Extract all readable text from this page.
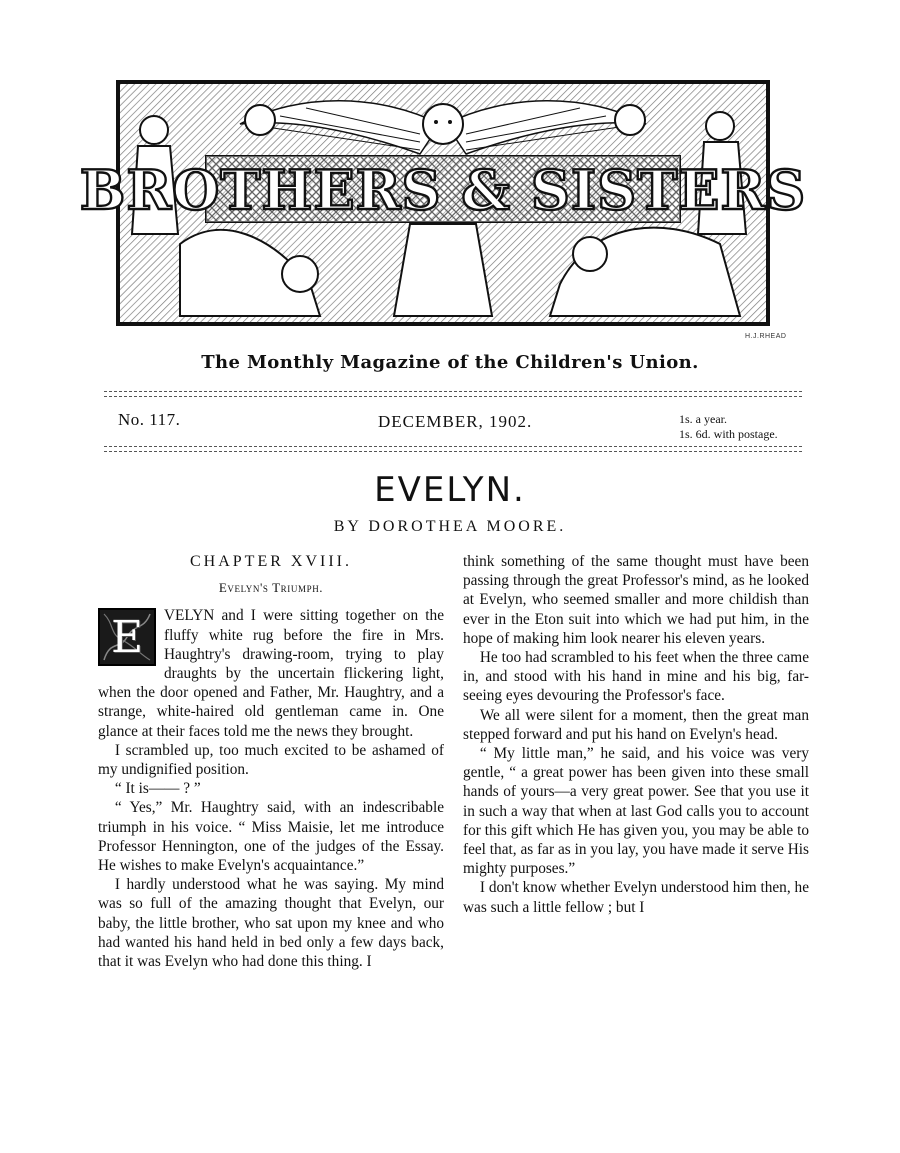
BROTHERS & SISTERS
H.J.RHEAD
The Monthly Magazine of the Children's Union.
No. 117.	DECEMBER, 1902.	1s. a year.
1s. 6d. with postage.
EVELYN.
BY DOROTHEA MOORE.
CHAPTER XVIII.
Evelyn's Triumph.
E	VELYN and I were sitting together on the fluffy white rug before the fire in Mrs. Haughtry's drawing-room, trying to play draughts by the uncertain flickering light, when the door opened and Father, Mr. Haughtry, and a strange, white-haired old gentleman came in. One glance at their faces told me the news they brought.

I scrambled up, too much excited to be ashamed of my undignified position.

“ It is—— ? ”

“ Yes,” Mr. Haughtry said, with an indescribable triumph in his voice. “ Miss Maisie, let me introduce Professor Hennington, one of the judges of the Essay. He wishes to make Evelyn's acquaintance.”

I hardly understood what he was saying. My mind was so full of the amazing thought that Evelyn, our baby, the little brother, who sat upon my knee and who had wanted his hand held in bed only a few days back, that it was Evelyn who had done this thing. I

think something of the same thought must have been passing through the great Professor's mind, as he looked at Evelyn, who seemed smaller and more childish than ever in the Eton suit into which we had put him, in the hope of making him look nearer his eleven years.

He too had scrambled to his feet when the three came in, and stood with his hand in mine and his big, far-seeing eyes devouring the Professor's face.

We all were silent for a moment, then the great man stepped forward and put his hand on Evelyn's head.

“ My little man,” he said, and his voice was very gentle, “ a great power has been given into these small hands of yours—a very great power. See that you use it in such a way that when at last God calls you to account for this gift which He has given you, you may be able to feel that, as far as in you lay, you have made it serve His mighty purposes.”

I don't know whether Evelyn understood him then, he was such a little fellow ; but I
